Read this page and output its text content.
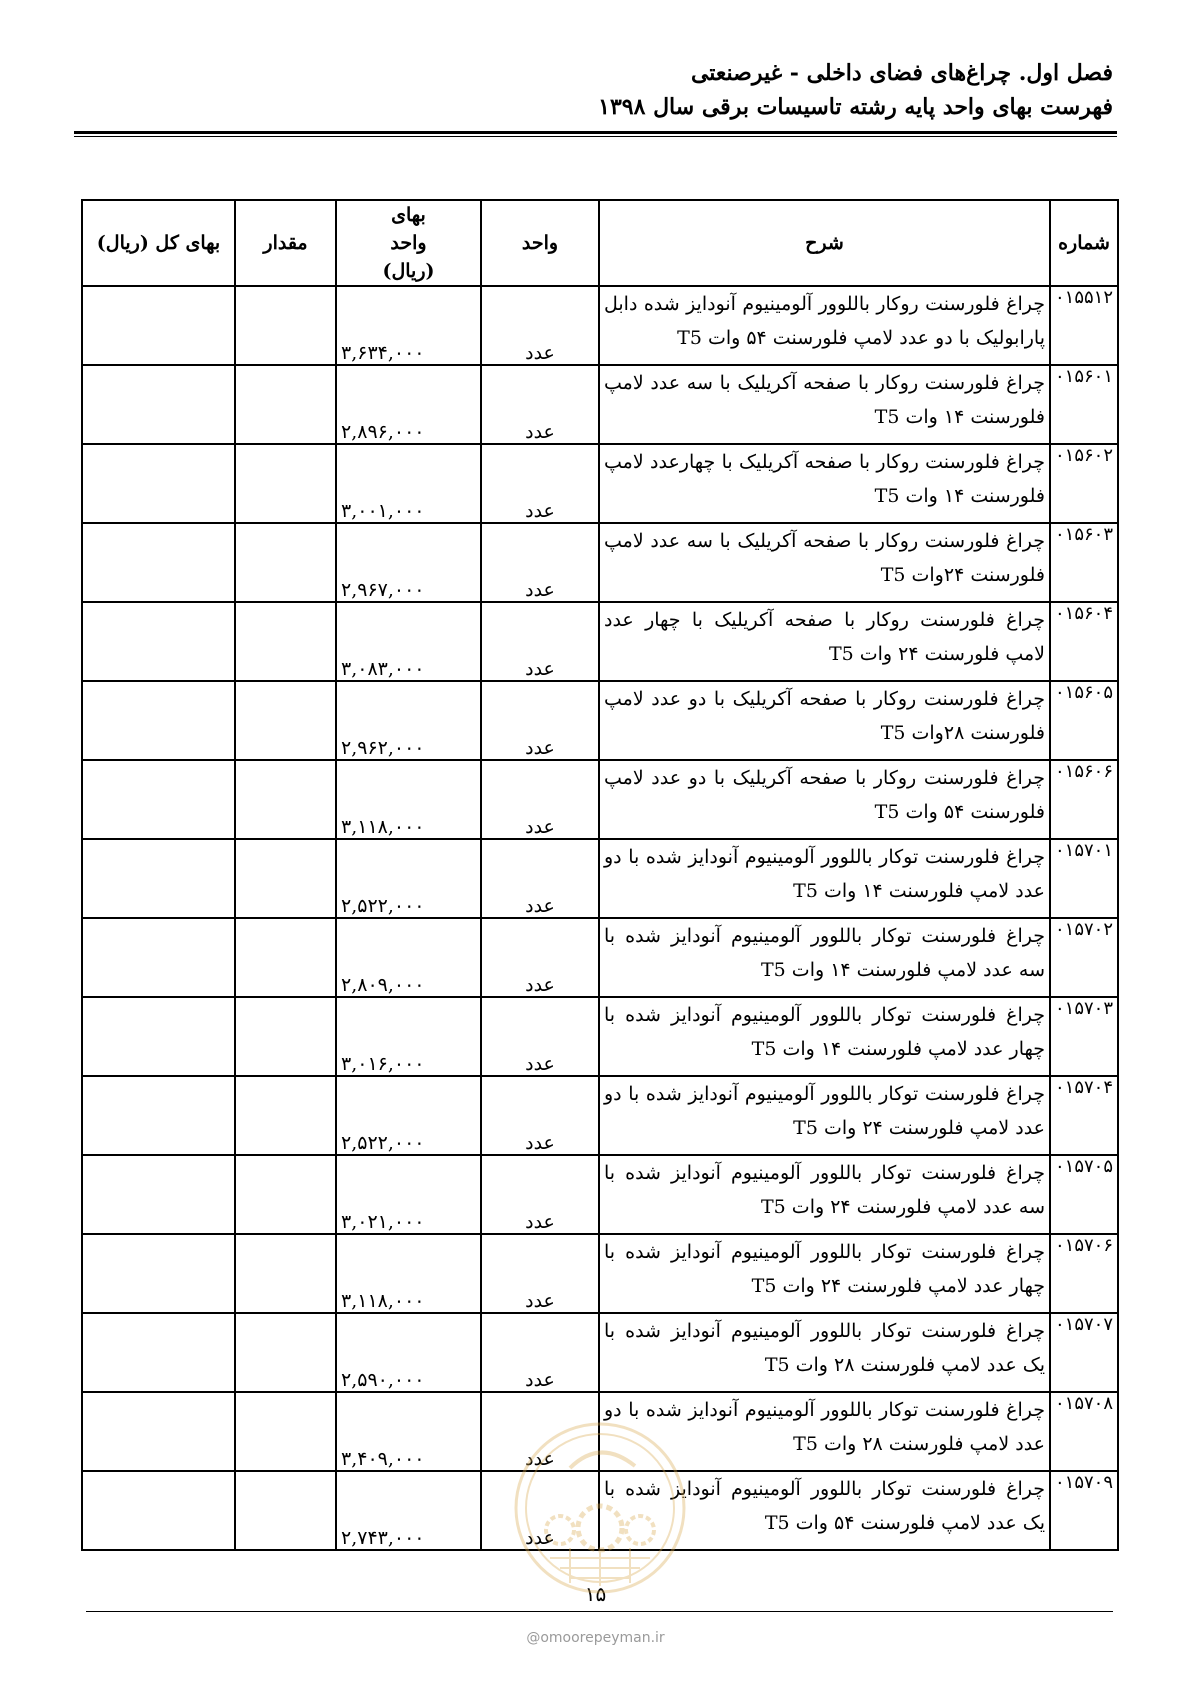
فصل اول. چراغ‌های فضای داخلی - غیرصنعتی
فهرست بهای واحد پایه رشته تاسیسات برقی سال ۱۳۹۸
شماره	شرح	واحد	بهای واحد (ریال)	مقدار	بهای کل (ریال)
۰۱۵۵۱۲	چراغ فلورسنت روکار باللوور آلومینیوم آنودایز شده دابل پارابولیک با دو عدد لامپ فلورسنت ۵۴ وات T5	عدد	۳,۶۳۴,۰۰۰		
۰۱۵۶۰۱	چراغ فلورسنت روکار با صفحه آکریلیک با سه عدد لامپ فلورسنت ۱۴ وات T5	عدد	۲,۸۹۶,۰۰۰		
۰۱۵۶۰۲	چراغ فلورسنت روکار با صفحه آکریلیک با چهارعدد لامپ فلورسنت ۱۴ وات T5	عدد	۳,۰۰۱,۰۰۰		
۰۱۵۶۰۳	چراغ فلورسنت روکار با صفحه آکریلیک با سه عدد لامپ فلورسنت ۲۴وات T5	عدد	۲,۹۶۷,۰۰۰		
۰۱۵۶۰۴	چراغ فلورسنت روکار با صفحه آکریلیک با چهار عدد لامپ فلورسنت ۲۴ وات T5	عدد	۳,۰۸۳,۰۰۰		
۰۱۵۶۰۵	چراغ فلورسنت روکار با صفحه آکریلیک با دو عدد لامپ فلورسنت ۲۸وات T5	عدد	۲,۹۶۲,۰۰۰		
۰۱۵۶۰۶	چراغ فلورسنت روکار با صفحه آکریلیک با دو عدد لامپ فلورسنت ۵۴ وات T5	عدد	۳,۱۱۸,۰۰۰		
۰۱۵۷۰۱	چراغ فلورسنت توکار باللوور آلومینیوم آنودایز شده با دو عدد لامپ فلورسنت ۱۴ وات T5	عدد	۲,۵۲۲,۰۰۰		
۰۱۵۷۰۲	چراغ فلورسنت توکار باللوور آلومینیوم آنودایز شده با سه عدد لامپ فلورسنت ۱۴ وات T5	عدد	۲,۸۰۹,۰۰۰		
۰۱۵۷۰۳	چراغ فلورسنت توکار باللوور آلومینیوم آنودایز شده با چهار عدد لامپ فلورسنت ۱۴ وات T5	عدد	۳,۰۱۶,۰۰۰		
۰۱۵۷۰۴	چراغ فلورسنت توکار باللوور آلومینیوم آنودایز شده با دو عدد لامپ فلورسنت ۲۴ وات T5	عدد	۲,۵۲۲,۰۰۰		
۰۱۵۷۰۵	چراغ فلورسنت توکار باللوور آلومینیوم آنودایز شده با سه عدد لامپ فلورسنت ۲۴ وات T5	عدد	۳,۰۲۱,۰۰۰		
۰۱۵۷۰۶	چراغ فلورسنت توکار باللوور آلومینیوم آنودایز شده با چهار عدد لامپ فلورسنت ۲۴ وات T5	عدد	۳,۱۱۸,۰۰۰		
۰۱۵۷۰۷	چراغ فلورسنت توکار باللوور آلومینیوم آنودایز شده با یک عدد لامپ فلورسنت ۲۸ وات T5	عدد	۲,۵۹۰,۰۰۰		
۰۱۵۷۰۸	چراغ فلورسنت توکار باللوور آلومینیوم آنودایز شده با دو عدد لامپ فلورسنت ۲۸ وات T5	عدد	۳,۴۰۹,۰۰۰		
۰۱۵۷۰۹	چراغ فلورسنت توکار باللوور آلومینیوم آنودایز شده با یک عدد لامپ فلورسنت ۵۴ وات T5	عدد	۲,۷۴۳,۰۰۰		
۱۵
@omoorepeyman.ir
